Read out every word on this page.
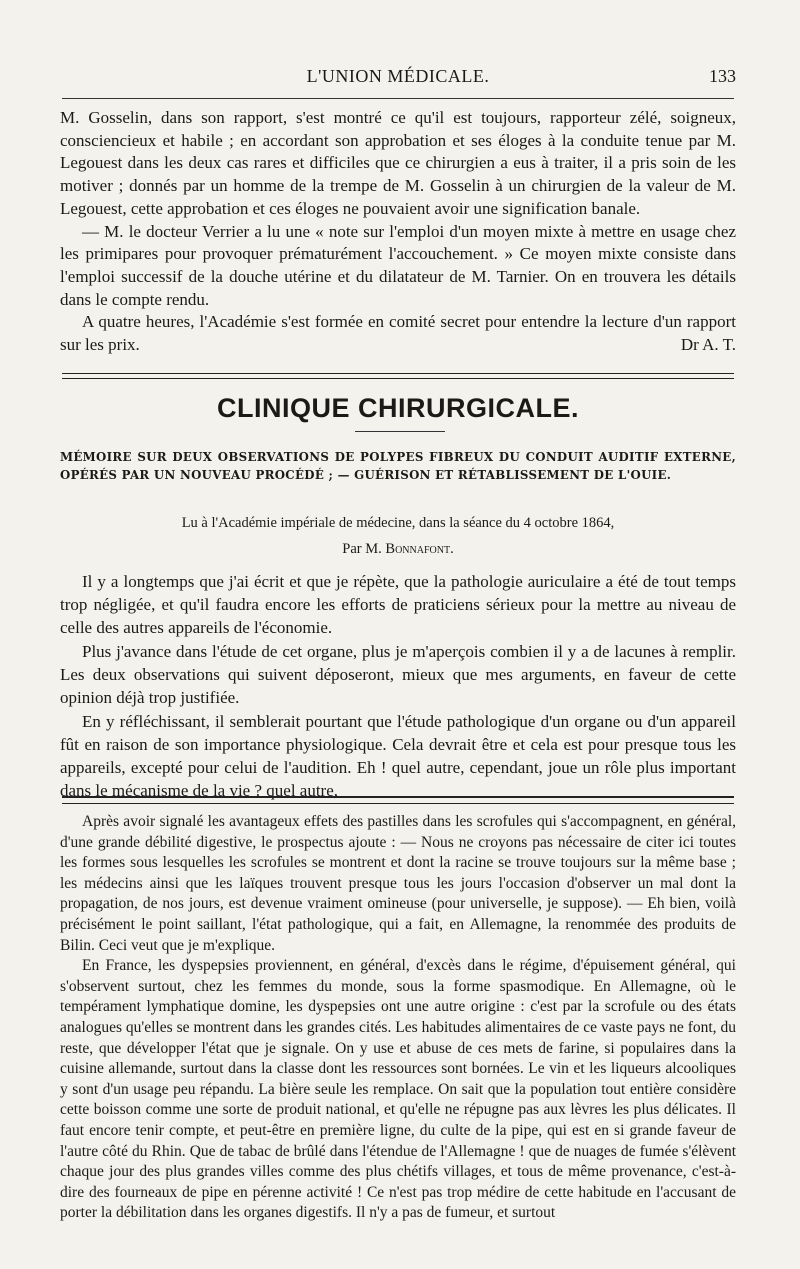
L'UNION MÉDICALE.	133

M. Gosselin, dans son rapport, s'est montré ce qu'il est toujours, rapporteur zélé, soigneux, consciencieux et habile ; en accordant son approbation et ses éloges à la conduite tenue par M. Legouest dans les deux cas rares et difficiles que ce chirurgien a eus à traiter, il a pris soin de les motiver ; donnés par un homme de la trempe de M. Gosselin à un chirurgien de la valeur de M. Legouest, cette approbation et ces éloges ne pouvaient avoir une signification banale.

— M. le docteur Verrier a lu une « note sur l'emploi d'un moyen mixte à mettre en usage chez les primipares pour provoquer prématurément l'accouchement. » Ce moyen mixte consiste dans l'emploi successif de la douche utérine et du dilatateur de M. Tarnier. On en trouvera les détails dans le compte rendu.

A quatre heures, l'Académie s'est formée en comité secret pour entendre la lecture d'un rapport sur les prix.	Dr A. T.

CLINIQUE CHIRURGICALE.
MÉMOIRE SUR DEUX OBSERVATIONS DE POLYPES FIBREUX DU CONDUIT AUDITIF EXTERNE, OPÉRÉS PAR UN NOUVEAU PROCÉDÉ ; — GUÉRISON ET RÉTABLISSEMENT DE L'OUIE.
Lu à l'Académie impériale de médecine, dans la séance du 4 octobre 1864,
Par M. Bonnafont.

Il y a longtemps que j'ai écrit et que je répète, que la pathologie auriculaire a été de tout temps trop négligée, et qu'il faudra encore les efforts de praticiens sérieux pour la mettre au niveau de celle des autres appareils de l'économie.

Plus j'avance dans l'étude de cet organe, plus je m'aperçois combien il y a de lacunes à remplir. Les deux observations qui suivent déposeront, mieux que mes arguments, en faveur de cette opinion déjà trop justifiée.

En y réfléchissant, il semblerait pourtant que l'étude pathologique d'un organe ou d'un appareil fût en raison de son importance physiologique. Cela devrait être et cela est pour presque tous les appareils, excepté pour celui de l'audition. Eh ! quel autre, cependant, joue un rôle plus important dans le mécanisme de la vie ? quel autre,

Après avoir signalé les avantageux effets des pastilles dans les scrofules qui s'accompagnent, en général, d'une grande débilité digestive, le prospectus ajoute : — Nous ne croyons pas nécessaire de citer ici toutes les formes sous lesquelles les scrofules se montrent et dont la racine se trouve toujours sur la même base ; les médecins ainsi que les laïques trouvent presque tous les jours l'occasion d'observer un mal dont la propagation, de nos jours, est devenue vraiment omineuse (pour universelle, je suppose). — Eh bien, voilà précisément le point saillant, l'état pathologique, qui a fait, en Allemagne, la renommée des produits de Bilin. Ceci veut que je m'explique.

En France, les dyspepsies proviennent, en général, d'excès dans le régime, d'épuisement général, qui s'observent surtout, chez les femmes du monde, sous la forme spasmodique. En Allemagne, où le tempérament lymphatique domine, les dyspepsies ont une autre origine : c'est par la scrofule ou des états analogues qu'elles se montrent dans les grandes cités. Les habitudes alimentaires de ce vaste pays ne font, du reste, que développer l'état que je signale. On y use et abuse de ces mets de farine, si populaires dans la cuisine allemande, surtout dans la classe dont les ressources sont bornées. Le vin et les liqueurs alcooliques y sont d'un usage peu répandu. La bière seule les remplace. On sait que la population tout entière considère cette boisson comme une sorte de produit national, et qu'elle ne répugne pas aux lèvres les plus délicates. Il faut encore tenir compte, et peut-être en première ligne, du culte de la pipe, qui est en si grande faveur de l'autre côté du Rhin. Que de tabac de brûlé dans l'étendue de l'Allemagne ! que de nuages de fumée s'élèvent chaque jour des plus grandes villes comme des plus chétifs villages, et tous de même provenance, c'est-à-dire des fourneaux de pipe en pérenne activité ! Ce n'est pas trop médire de cette habitude en l'accusant de porter la débilitation dans les organes digestifs. Il n'y a pas de fumeur, et surtout
